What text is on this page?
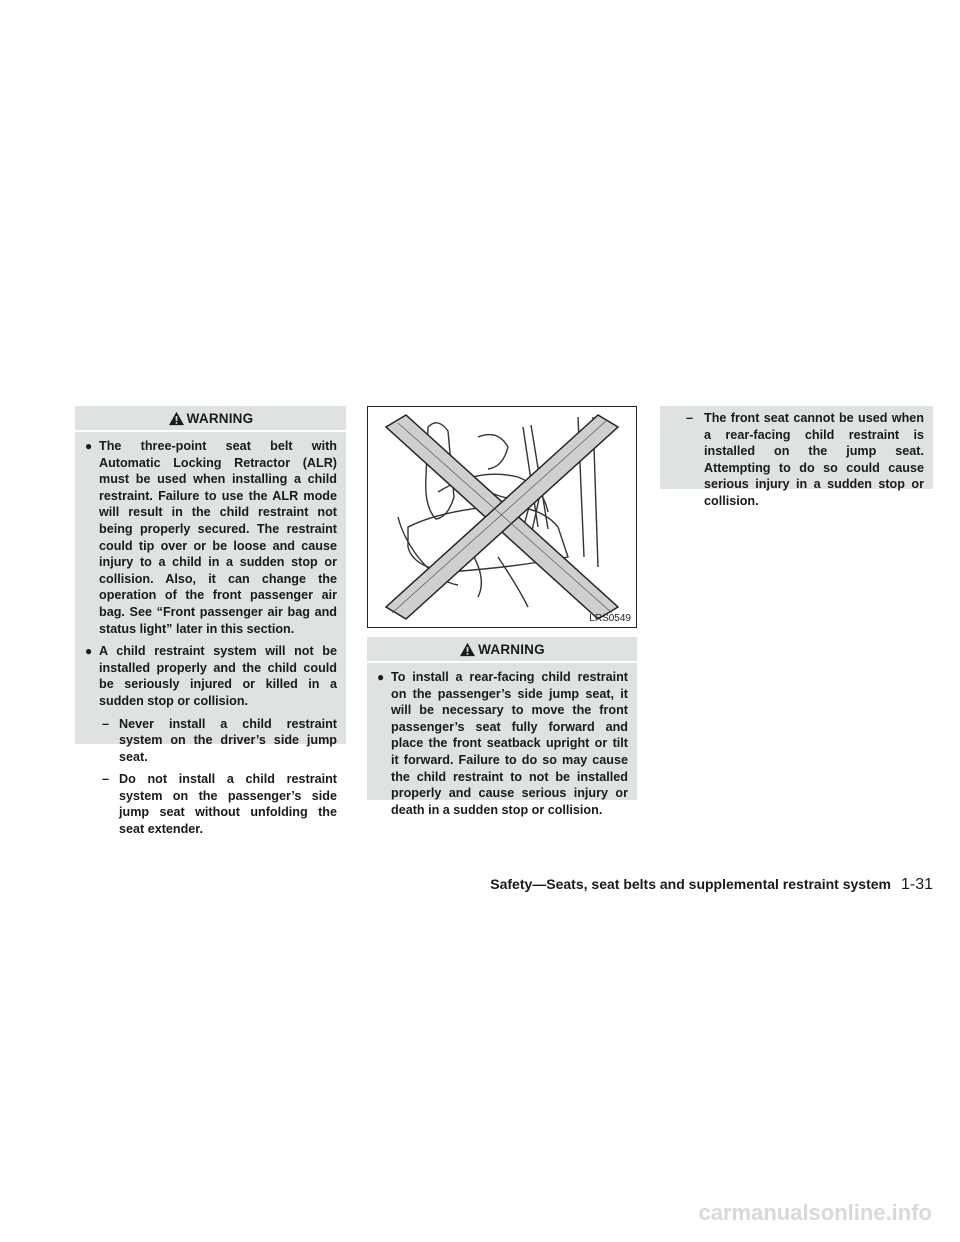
WARNING
● The three-point seat belt with Automatic Locking Retractor (ALR) must be used when installing a child restraint. Failure to use the ALR mode will result in the child restraint not being properly secured. The restraint could tip over or be loose and cause injury to a child in a sudden stop or collision. Also, it can change the operation of the front passenger air bag. See “Front passenger air bag and status light” later in this section.
● A child restraint system will not be installed properly and the child could be seriously injured or killed in a sudden stop or collision.
– Never install a child restraint system on the driver’s side jump seat.
– Do not install a child restraint system on the passenger’s side jump seat without unfolding the seat extender.
LRS0549
WARNING
● To install a rear-facing child restraint on the passenger’s side jump seat, it will be necessary to move the front passenger’s seat fully forward and place the front seatback upright or tilt it forward. Failure to do so may cause the child restraint to not be installed properly and cause serious injury or death in a sudden stop or collision.
– The front seat cannot be used when a rear-facing child restraint is installed on the jump seat. Attempting to do so could cause serious injury in a sudden stop or collision.
Safety—Seats, seat belts and supplemental restraint system 1-31
carmanualsonline.info
